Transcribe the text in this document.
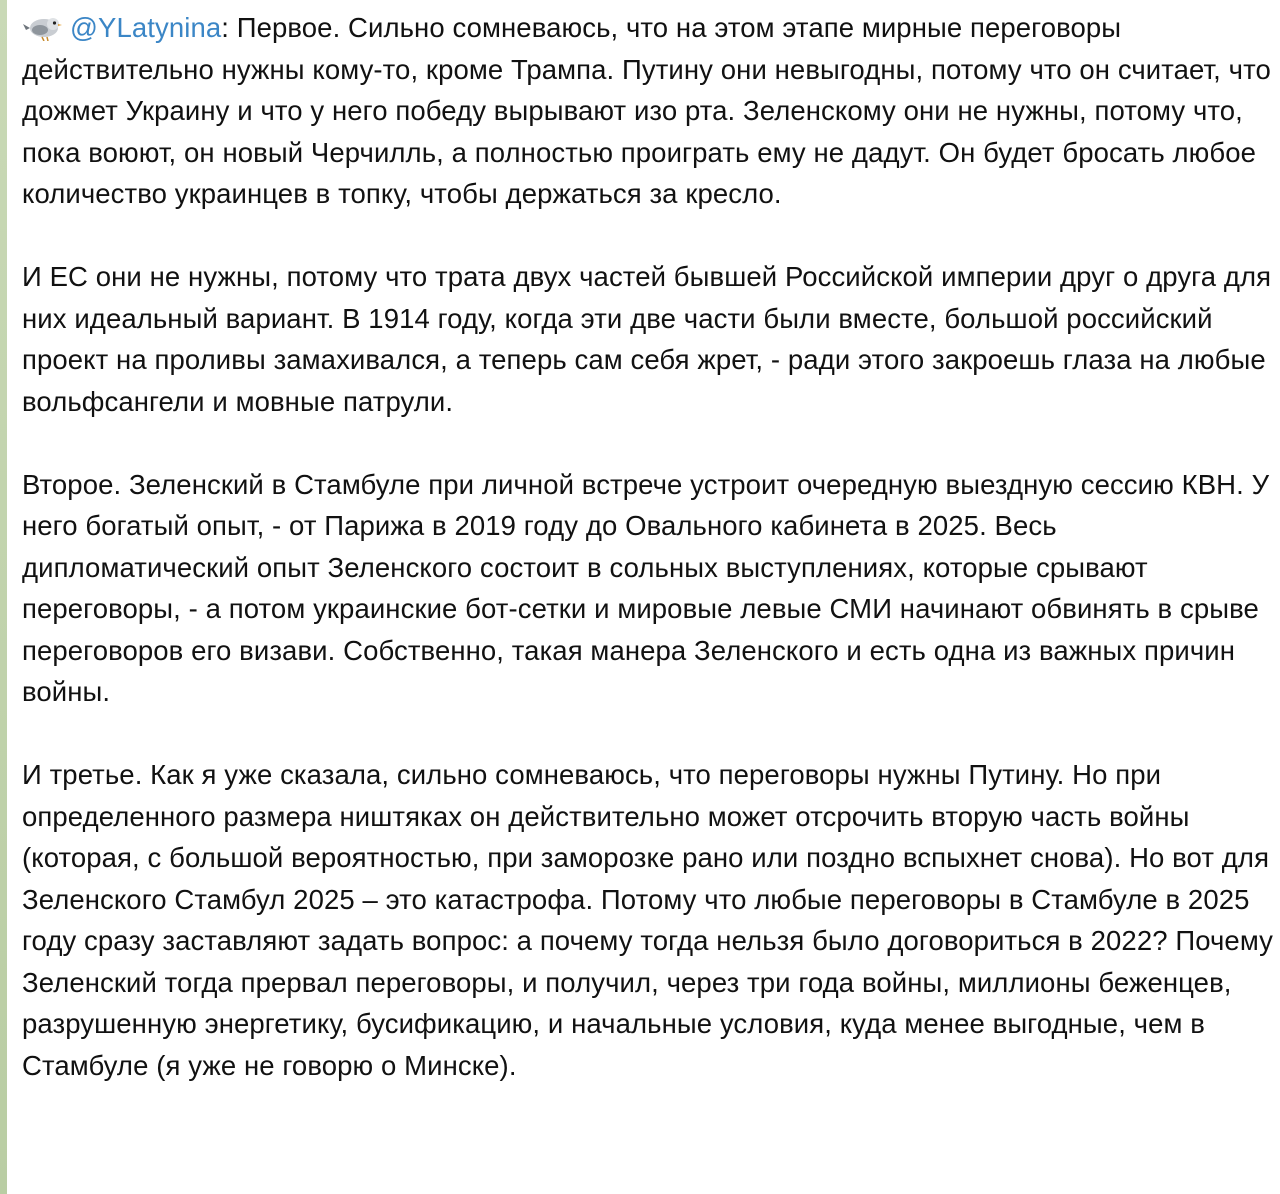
@YLatynina: Первое. Сильно сомневаюсь, что на этом этапе мирные переговоры действительно нужны кому-то, кроме Трампа. Путину они невыгодны, потому что он считает, что дожмет Украину и что у него победу вырывают изо рта. Зеленскому они не нужны, потому что, пока воюют, он новый Черчилль, а полностью проиграть ему не дадут. Он будет бросать любое количество украинцев в топку, чтобы держаться за кресло.

И ЕС они не нужны, потому что трата двух частей бывшей Российской империи друг о друга для них идеальный вариант. В 1914 году, когда эти две части были вместе, большой российский проект на проливы замахивался, а теперь сам себя жрет, - ради этого закроешь глаза на любые вольфсангели и мовные патрули.

Второе. Зеленский в Стамбуле при личной встрече устроит очередную выездную сессию КВН. У него богатый опыт, - от Парижа в 2019 году до Овального кабинета в 2025. Весь дипломатический опыт Зеленского состоит в сольных выступлениях, которые срывают переговоры, - а потом украинские бот-сетки и мировые левые СМИ начинают обвинять в срыве переговоров его визави. Собственно, такая манера Зеленского и есть одна из важных причин войны.

И третье. Как я уже сказала, сильно сомневаюсь, что переговоры нужны Путину. Но при определенного размера ништяках он действительно может отсрочить вторую часть войны (которая, с большой вероятностью, при заморозке рано или поздно вспыхнет снова). Но вот для Зеленского Стамбул 2025 – это катастрофа. Потому что любые переговоры в Стамбуле в 2025 году сразу заставляют задать вопрос: а почему тогда нельзя было договориться в 2022? Почему Зеленский тогда прервал переговоры, и получил, через три года войны, миллионы беженцев, разрушенную энергетику, бусификацию, и начальные условия, куда менее выгодные, чем в Стамбуле (я уже не говорю о Минске).
